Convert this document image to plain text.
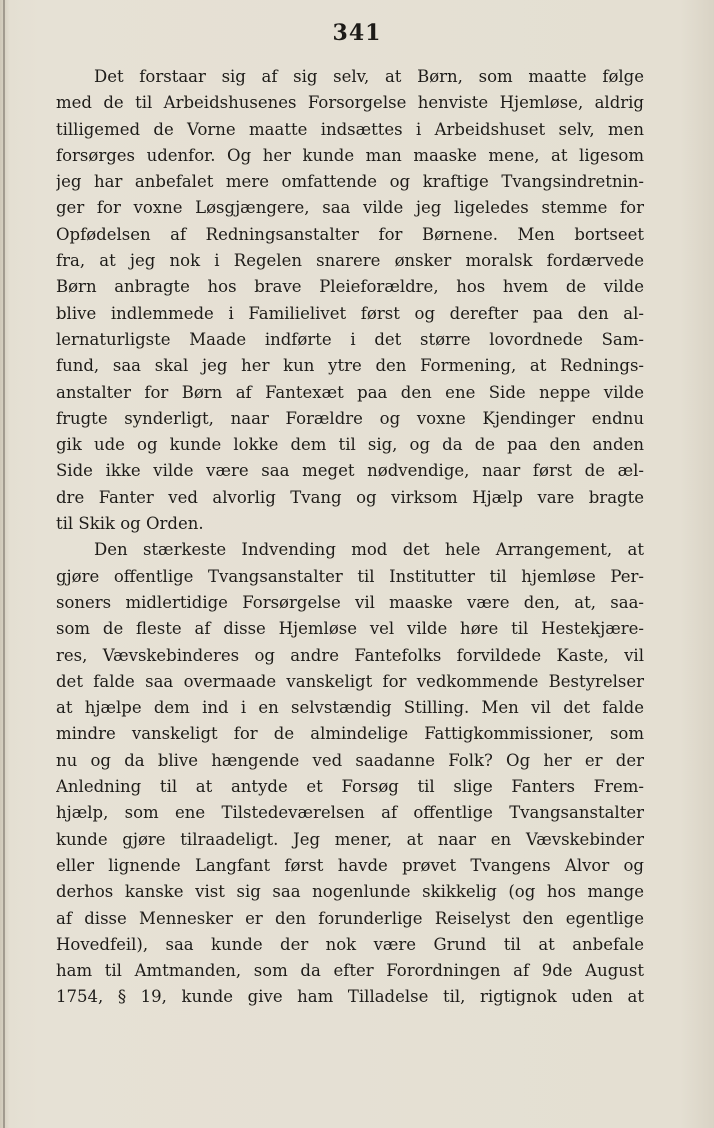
341
Det forstaar sig af sig selv, at Børn, som maatte følge
med de til Arbeidshusenes Forsorgelse henviste Hjemløse, aldrig
tilligemed de Vorne maatte indsættes i Arbeidshuset selv, men
forsørges udenfor. Og her kunde man maaske mene, at ligesom
jeg har anbefalet mere omfattende og kraftige Tvangsindretnin-
ger for voxne Løsgjængere, saa vilde jeg ligeledes stemme for
Opfødelsen af Redningsanstalter for Børnene. Men bortseet
fra, at jeg nok i Regelen snarere ønsker moralsk fordærvede
Børn anbragte hos brave Pleieforældre, hos hvem de vilde
blive indlemmede i Familielivet først og derefter paa den al-
lernaturligste Maade indførte i det større lovordnede Sam-
fund, saa skal jeg her kun ytre den Formening, at Rednings-
anstalter for Børn af Fantexæt paa den ene Side neppe vilde
frugte synderligt, naar Forældre og voxne Kjendinger endnu
gik ude og kunde lokke dem til sig, og da de paa den anden
Side ikke vilde være saa meget nødvendige, naar først de æl-
dre Fanter ved alvorlig Tvang og virksom Hjælp vare bragte
til Skik og Orden.
Den stærkeste Indvending mod det hele Arrangement, at
gjøre offentlige Tvangsanstalter til Institutter til hjemløse Per-
soners midlertidige Forsørgelse vil maaske være den, at, saa-
som de fleste af disse Hjemløse vel vilde høre til Hestekjære-
res, Vævskebinderes og andre Fantefolks forvildede Kaste, vil
det falde saa overmaade vanskeligt for vedkommende Bestyrelser
at hjælpe dem ind i en selvstændig Stilling. Men vil det falde
mindre vanskeligt for de almindelige Fattigkommissioner, som
nu og da blive hængende ved saadanne Folk? Og her er der
Anledning til at antyde et Forsøg til slige Fanters Frem-
hjælp, som ene Tilstedeværelsen af offentlige Tvangsanstalter
kunde gjøre tilraadeligt. Jeg mener, at naar en Vævskebinder
eller lignende Langfant først havde prøvet Tvangens Alvor og
derhos kanske vist sig saa nogenlunde skikkelig (og hos mange
af disse Mennesker er den forunderlige Reiselyst den egentlige
Hovedfeil), saa kunde der nok være Grund til at anbefale
ham til Amtmanden, som da efter Forordningen af 9de August
1754, § 19, kunde give ham Tilladelse til, rigtignok uden at
